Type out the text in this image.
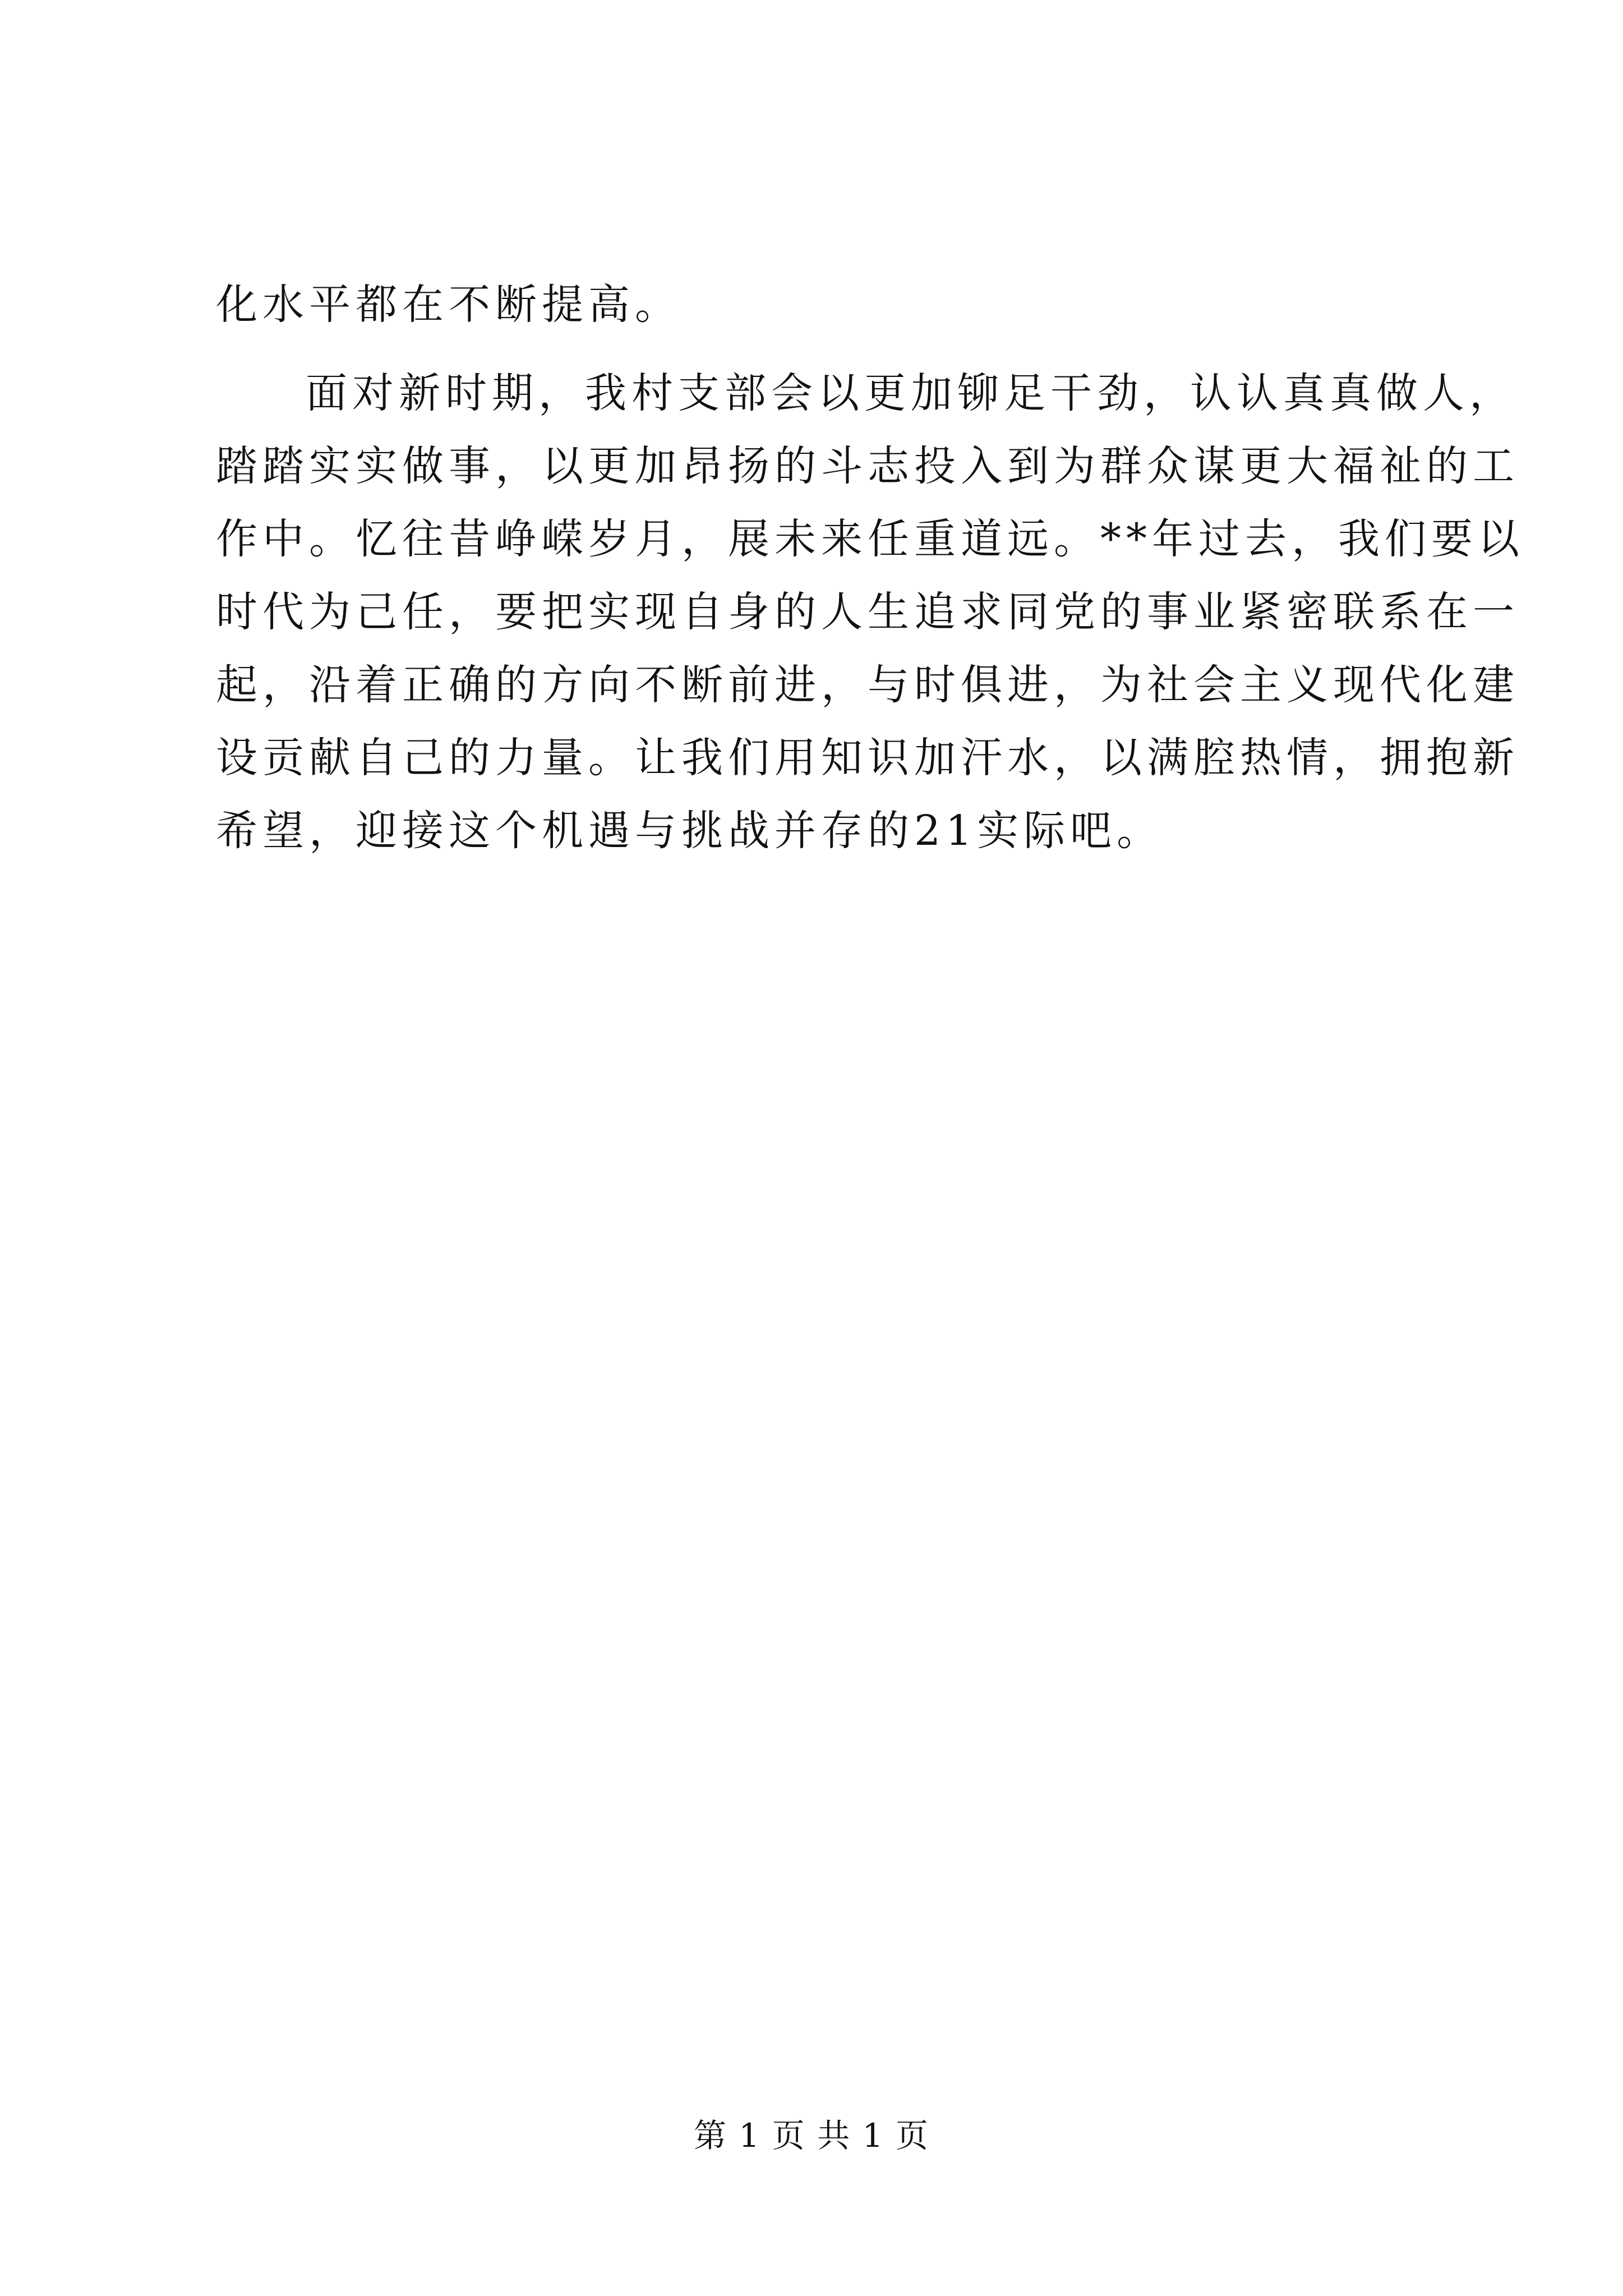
化水平都在不断提高。
面对新时期，我村支部会以更加铆足干劲，认认真真做人，
踏踏实实做事，以更加昂扬的斗志投入到为群众谋更大福祉的工
作中。忆往昔峥嵘岁月，展未来任重道远。**年过去，我们要以
时代为己任，要把实现自身的人生追求同党的事业紧密联系在一
起，沿着正确的方向不断前进，与时俱进，为社会主义现代化建
设贡献自己的力量。让我们用知识加汗水，以满腔热情，拥抱新
希望，迎接这个机遇与挑战并存的21实际吧。
第 1 页 共 1 页
